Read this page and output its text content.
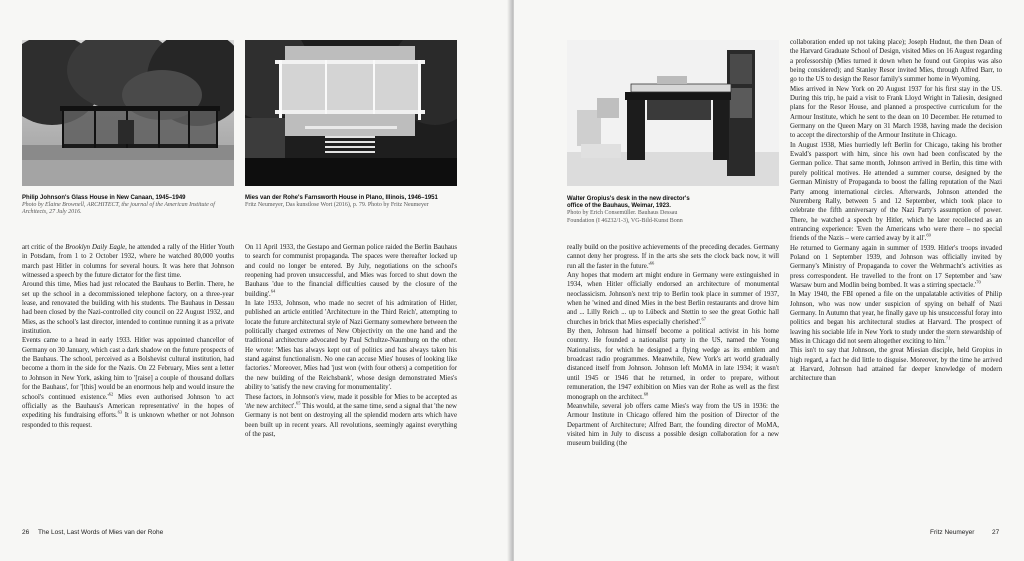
Philip Johnson's Glass House in New Canaan, 1945–1949
Photo by Elaine Brownell, ARCHITECT, the journal of the American Institute of Architects, 27 July 2016.
Mies van der Rohe's Farnsworth House in Plano, Illinois, 1946–1951
Fritz Neumeyer, Das kunstlose Wort (2016), p. 79. Photo by Fritz Neumeyer

art critic of the Brooklyn Daily Eagle, he attended a rally of the Hitler Youth in Potsdam, from 1 to 2 October 1932, where he watched 80,000 youths march past Hitler in columns for several hours. It was here that Johnson witnessed a speech by the future dictator for the first time.

Around this time, Mies had just relocated the Bauhaus to Berlin. There, he set up the school in a decommissioned telephone factory, on a three-year lease, and renovated the building with his students. The Bauhaus in Dessau had been closed by the Nazi-controlled city council on 22 August 1932, and Mies, as the school's last director, intended to continue running it as a private institution.

Events came to a head in early 1933. Hitler was appointed chancellor of Germany on 30 January, which cast a dark shadow on the future prospects of the Bauhaus. The school, perceived as a Bolshevist cultural institution, had become a thorn in the side for the Nazis. On 22 February, Mies sent a letter to Johnson in New York, asking him to '[raise] a couple of thousand dollars for the Bauhaus', for '[this] would be an enormous help and would insure the school's continued $existence.'^{62}$ Mies even authorised Johnson 'to act officially as the Bauhaus's American representative' in the hopes of expediting his fundraising efforts.$^{63}$ It is unknown whether or not Johnson responded to this request.

On 11 April 1933, the Gestapo and German police raided the Berlin Bauhaus to search for communist propaganda. The spaces were thereafter locked up and could no longer be entered. By July, negotiations on the school's reopening had proven unsuccessful, and Mies was forced to shut down the Bauhaus 'due to the financial difficulties caused by the closure of the building'.$^{64}$

In late 1933, Johnson, who made no secret of his admiration of Hitler, published an article entitled 'Architecture in the Third Reich', attempting to locate the future architectural style of Nazi Germany somewhere between the politically charged extremes of New Objectivity on the one hand and the traditional architecture advocated by Paul Schultze-Naumburg on the other. He wrote: 'Mies has always kept out of politics and has always taken his stand against functionalism. No one can accuse Mies' houses of looking like factories.' Moreover, Mies had 'just won (with four others) a competition for the new building of the Reichsbank', whose design demonstrated Mies's ability to 'satisfy the new craving for monumentality'.

These factors, in Johnson's view, made it possible for Mies to be accepted as 'the new architect'.$^{65}$ This would, at the same time, send a signal that 'the new Germany is not bent on destroying all the splendid modern arts which have been built up in recent years. All revolutions, seemingly against everything of the past,

26 The Lost, Last Words of Mies van der Rohe
Walter Gropius's desk in the new director's office of the Bauhaus, Weimar, 1923.
Photo by Erich Consemüller. Bauhaus Dessau Foundation (I 46232/1-3), VG-Bild-Kunst Bonn

really build on the positive achievements of the preceding decades. Germany cannot deny her progress. If in the arts she sets the clock back now, it will run all the faster in the $future.'^{66}$

Any hopes that modern art might endure in Germany were extinguished in 1934, when Hitler officially endorsed an architecture of monumental neoclassicism. Johnson's next trip to Berlin took place in summer of 1937, when he 'wined and dined Mies in the best Berlin restaurants and drove him and ... Lilly Reich ... up to Lübeck and Stettin to see the great Gothic hall churches in brick that Mies especially cherished'.$^{67}$

By then, Johnson had himself become a political activist in his home country. He founded a nationalist party in the US, named the Young Nationalists, for which he designed a flying wedge as its emblem and broadcast radio programmes. Meanwhile, New York's art world gradually distanced itself from Johnson. Johnson left MoMA in late 1934; it wasn't until 1945 or 1946 that he returned, in order to prepare, without remuneration, the 1947 exhibition on Mies van der Rohe as well as the first monograph on the architect.$^{68}$

Meanwhile, several job offers came Mies's way from the US in 1936: the Armour Institute in Chicago offered him the position of Director of the Department of Architecture; Alfred Barr, the founding director of MoMA, visited him in July to discuss a possible design collaboration for a new museum building (the

collaboration ended up not taking place); Joseph Hudnut, the then Dean of the Harvard Graduate School of Design, visited Mies on 16 August regarding a professorship (Mies turned it down when he found out Gropius was also being considered); and Stanley Resor invited Mies, through Alfred Barr, to go to the US to design the Resor family's summer home in Wyoming.

Mies arrived in New York on 20 August 1937 for his first stay in the US. During this trip, he paid a visit to Frank Lloyd Wright in Taliesin, designed plans for the Resor House, and planned a prospective curriculum for the Armour Institute, which he sent to the dean on 10 December. He returned to Germany on the Queen Mary on 31 March 1938, having made the decision to accept the directorship of the Armour Institute in Chicago.

In August 1938, Mies hurriedly left Berlin for Chicago, taking his brother Ewald's passport with him, since his own had been confiscated by the German police. That same month, Johnson arrived in Berlin, this time with purely political motives. He attended a summer course, designed by the German Ministry of Propaganda to boost the falling reputation of the Nazi Party among international circles. Afterwards, Johnson attended the Nuremberg Rally, between 5 and 12 September, which took place to celebrate the fifth anniversary of the Nazi Party's assumption of power. There, he watched a speech by Hitler, which he later recollected as an entrancing experience: 'Even the Americans who were there – no special friends of the Nazis – were carried away by it all'.$^{69}$

He returned to Germany again in summer of 1939. Hitler's troops invaded Poland on 1 September 1939, and Johnson was officially invited by Germany's Ministry of Propaganda to cover the Wehrmacht's activities as press correspondent. He travelled to the front on 17 September and 'saw Warsaw burn and Modlin being bombed. It was a stirring $spectacle.'^{70}$

In May 1940, the FBI opened a file on the unpalatable activities of Philip Johnson, who was now under suspicion of spying on behalf of Nazi Germany. In Autumn that year, he finally gave up his unsuccessful foray into politics and began his architectural studies at Harvard. The prospect of leaving his sociable life in New York to study under the stern stewardship of Mies in Chicago did not seem altogether exciting to him.$^{71}$

This isn't to say that Johnson, the great Miesian disciple, held Gropius in high regard, a fact he did little to disguise. Moreover, by the time he arrived at Harvard, Johnson had attained far deeper knowledge of modern architecture than

Fritz Neumeyer	27
